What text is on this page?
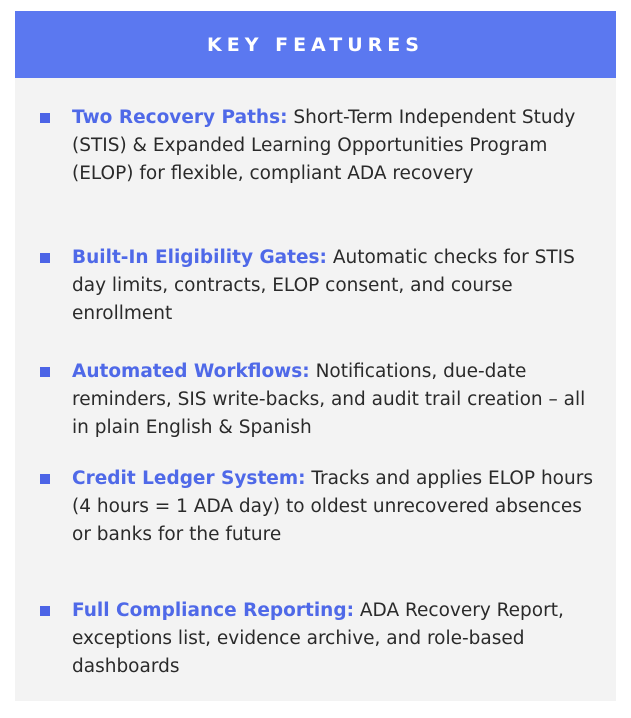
KEY FEATURES

Two Recovery Paths: Short-Term Independent Study (STIS) & Expanded Learning Opportunities Program (ELOP) for flexible, compliant ADA recovery

Built-In Eligibility Gates: Automatic checks for STIS day limits, contracts, ELOP consent, and course enrollment

Automated Workflows: Notifications, due-date reminders, SIS write-backs, and audit trail creation – all in plain English & Spanish

Credit Ledger System: Tracks and applies ELOP hours (4 hours = 1 ADA day) to oldest unrecovered absences or banks for the future

Full Compliance Reporting: ADA Recovery Report, exceptions list, evidence archive, and role-based dashboards
